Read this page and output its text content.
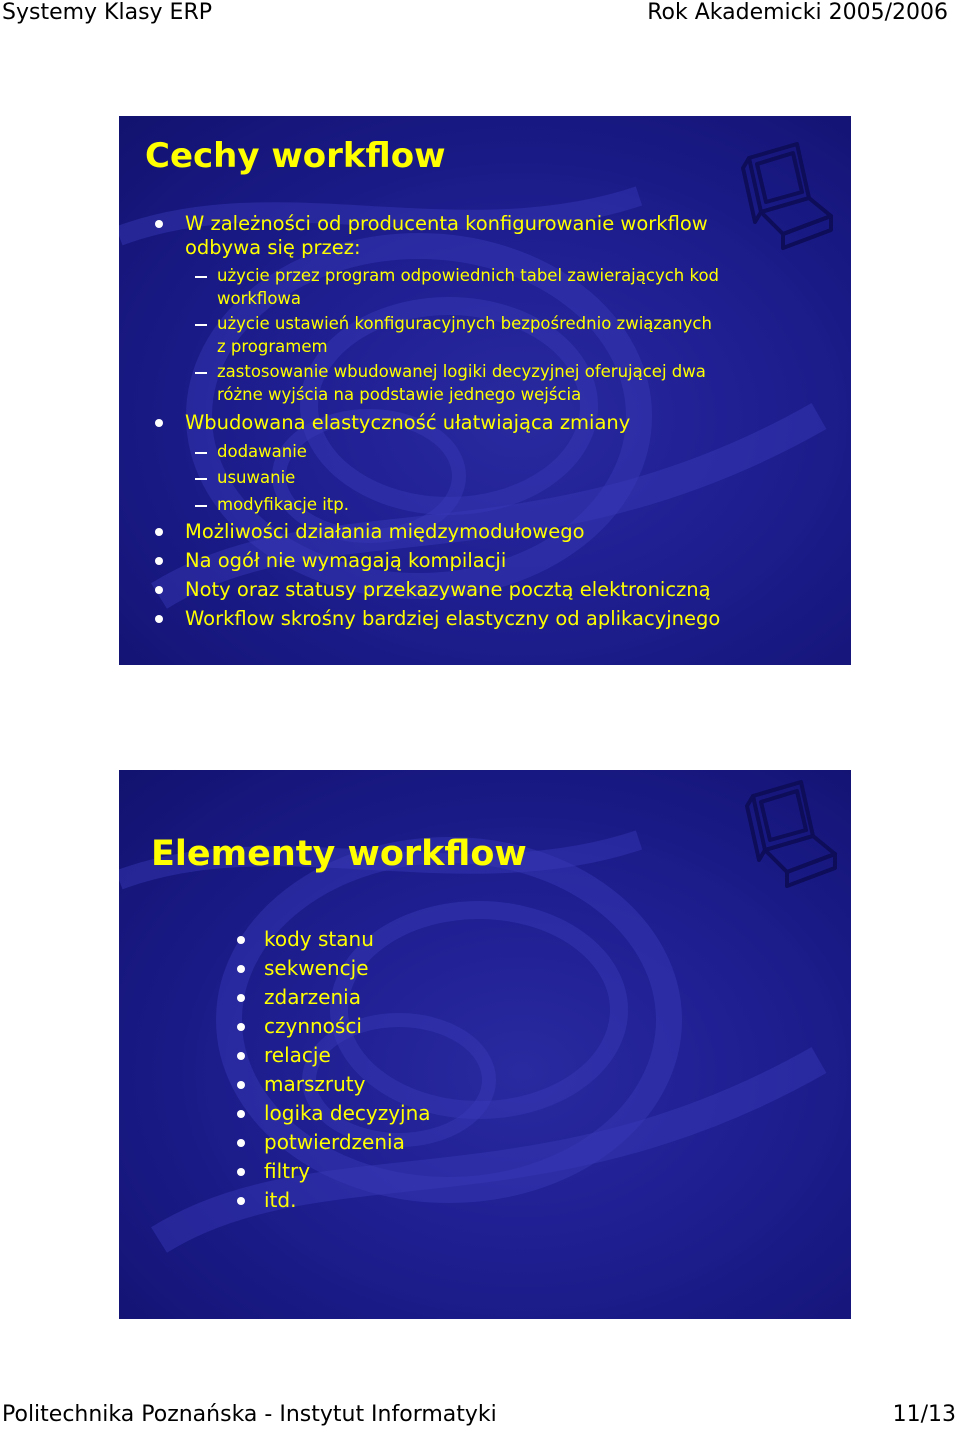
Systemy Klasy ERP	Rok Akademicki 2005/2006
Cechy workflow
W zależności od producenta konfigurowanie workflow
odbywa się przez:
użycie przez program odpowiednich tabel zawierających kod
workflowa
użycie ustawień konfiguracyjnych bezpośrednio związanych
z programem
zastosowanie wbudowanej logiki decyzyjnej oferującej dwa
różne wyjścia na podstawie jednego wejścia
Wbudowana elastyczność ułatwiająca zmiany
dodawanie
usuwanie
modyfikacje itp.
Możliwości działania międzymodułowego
Na ogół nie wymagają kompilacji
Noty oraz statusy przekazywane pocztą elektroniczną
Workflow skrośny bardziej elastyczny od aplikacyjnego
Elementy workflow
kody stanu
sekwencje
zdarzenia
czynności
relacje
marszruty
logika decyzyjna
potwierdzenia
filtry
itd.
Politechnika Poznańska - Instytut Informatyki	11/13
